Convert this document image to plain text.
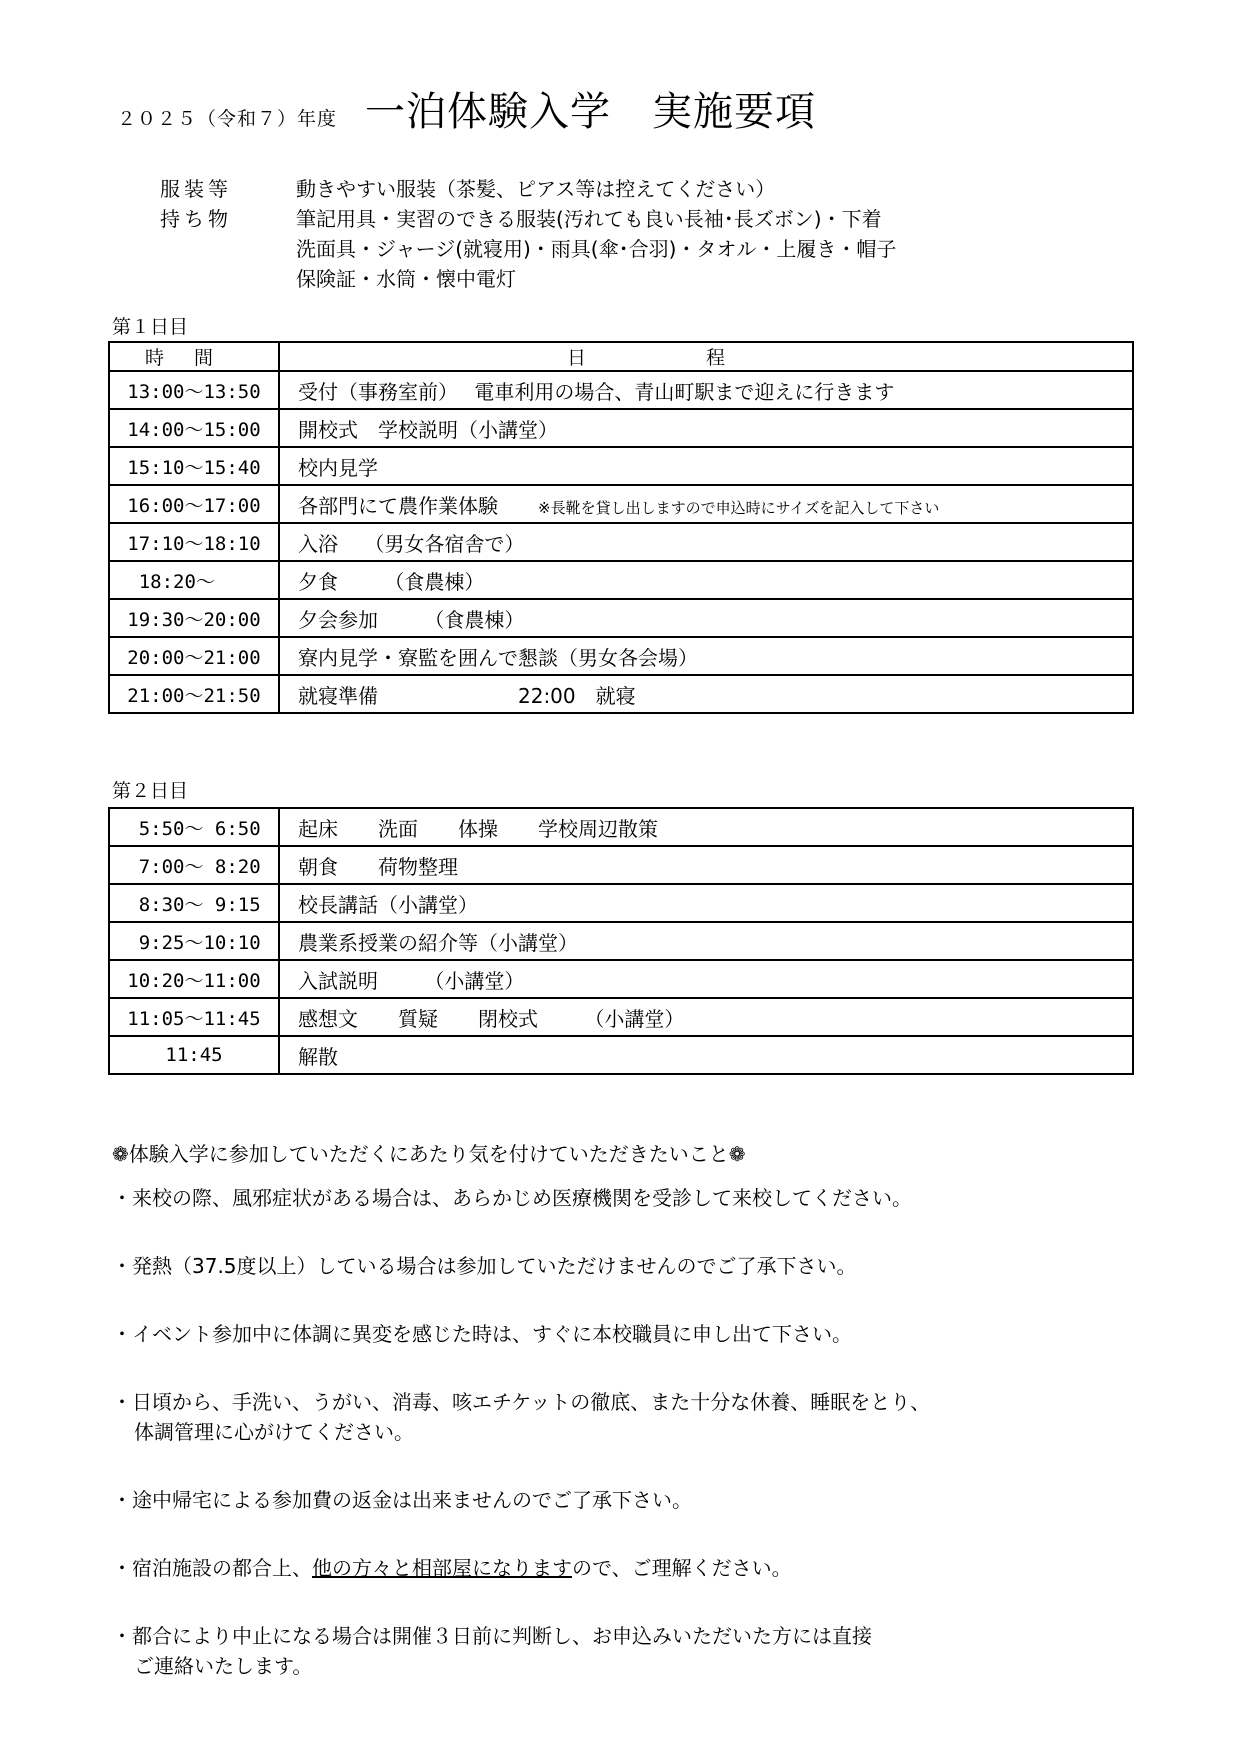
２０２５（令和７）年度 一泊体験入学　実施要項
服装等	動きやすい服装（茶髪、ピアス等は控えてください）
持ち物	筆記用具・実習のできる服装(汚れても良い長袖･長ズボン)・下着
洗面具・ジャージ(就寝用)・雨具(傘･合羽)・タオル・上履き・帽子
保険証・水筒・懐中電灯
第１日目
時間	日程
13:00～13:50	受付（事務室前）　 電車利用の場合、青山町駅まで迎えに行きます
14:00～15:00	開校式　学校説明（小講堂）
15:10～15:40	校内見学
16:00～17:00	各部門にて農作業体験　　※長靴を貸し出しますので申込時にサイズを記入して下さい
17:10～18:10	入浴　 （男女各宿舎で）
18:20～	夕食　　 （食農棟）
19:30～20:00	夕会参加　　 （食農棟）
20:00～21:00	寮内見学・寮監を囲んで懇談（男女各会場）
21:00～21:50	就寝準備　　　　　　　22:00　就寝
第２日目
5:50～ 6:50	起床　　洗面　　体操　　学校周辺散策
7:00～ 8:20	朝食　　荷物整理
8:30～ 9:15	校長講話（小講堂）
9:25～10:10	農業系授業の紹介等（小講堂）
10:20～11:00	入試説明　　 （小講堂）
11:05～11:45	感想文　　質疑　　閉校式　　 （小講堂）
11:45	解散
❁体験入学に参加していただくにあたり気を付けていただきたいこと❁
・来校の際、風邪症状がある場合は、あらかじめ医療機関を受診して来校してください。
・発熱（37.5度以上）している場合は参加していただけませんのでご了承下さい。
・イベント参加中に体調に異変を感じた時は、すぐに本校職員に申し出て下さい。
・日頃から、手洗い、うがい、消毒、咳エチケットの徹底、また十分な休養、睡眠をとり、
体調管理に心がけてください。
・途中帰宅による参加費の返金は出来ませんのでご了承下さい。
・宿泊施設の都合上、他の方々と相部屋になりますので、ご理解ください。
・都合により中止になる場合は開催３日前に判断し、お申込みいただいた方には直接
ご連絡いたします。
